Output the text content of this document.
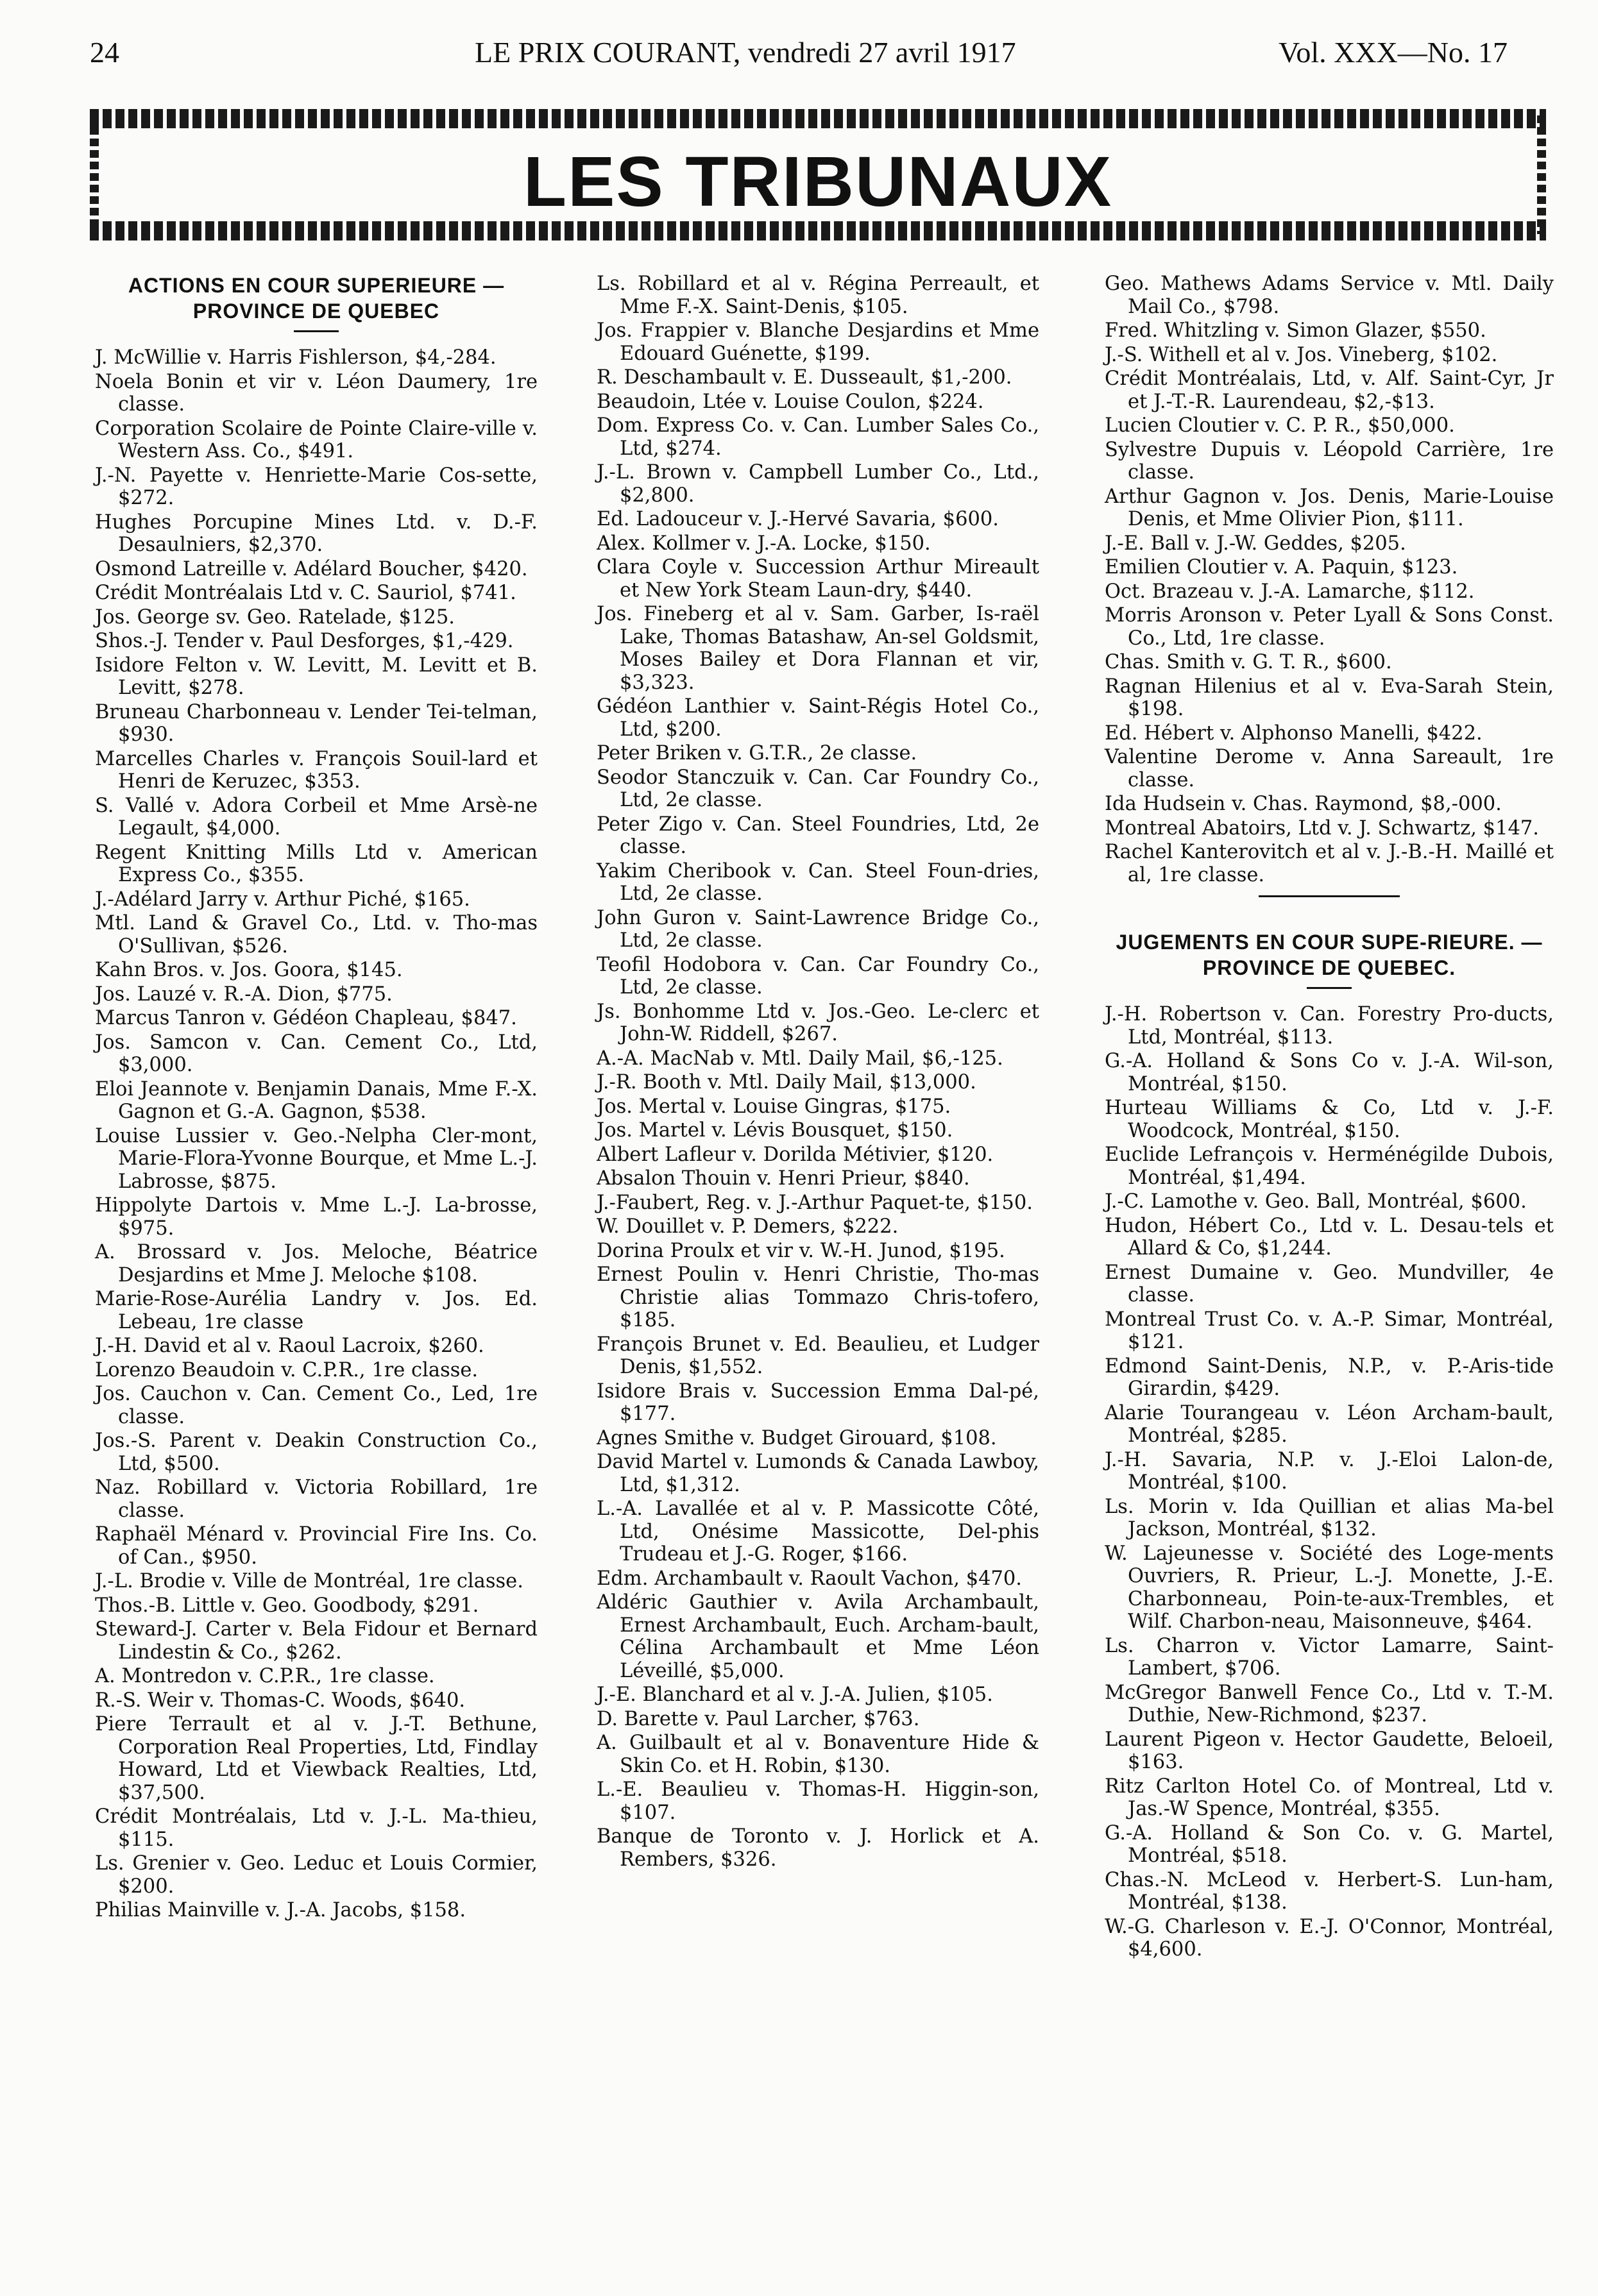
24	LE PRIX COURANT, vendredi 27 avril 1917	Vol. XXX—No. 17
LES TRIBUNAUX
ACTIONS EN COUR SUPERIEURE — PROVINCE DE QUEBEC
J. McWillie v. Harris Fishlerson, $4,-284.
Noela Bonin et vir v. Léon Daumery, 1re classe.
Corporation Scolaire de Pointe Claire-ville v. Western Ass. Co., $491.
J.-N. Payette v. Henriette-Marie Cos-sette, $272.
Hughes Porcupine Mines Ltd. v. D.-F. Desaulniers, $2,370.
Osmond Latreille v. Adélard Boucher, $420.
Crédit Montréalais Ltd v. C. Sauriol, $741.
Jos. George sv. Geo. Ratelade, $125.
Shos.-J. Tender v. Paul Desforges, $1,-429.
Isidore Felton v. W. Levitt, M. Levitt et B. Levitt, $278.
Bruneau Charbonneau v. Lender Tei-telman, $930.
Marcelles Charles v. François Souil-lard et Henri de Keruzec, $353.
S. Vallé v. Adora Corbeil et Mme Arsè-ne Legault, $4,000.
Regent Knitting Mills Ltd v. American Express Co., $355.
J.-Adélard Jarry v. Arthur Piché, $165.
Mtl. Land & Gravel Co., Ltd. v. Tho-mas O'Sullivan, $526.
Kahn Bros. v. Jos. Goora, $145.
Jos. Lauzé v. R.-A. Dion, $775.
Marcus Tanron v. Gédéon Chapleau, $847.
Jos. Samcon v. Can. Cement Co., Ltd, $3,000.
Eloi Jeannote v. Benjamin Danais, Mme F.-X. Gagnon et G.-A. Gagnon, $538.
Louise Lussier v. Geo.-Nelpha Cler-mont, Marie-Flora-Yvonne Bourque, et Mme L.-J. Labrosse, $875.
Hippolyte Dartois v. Mme L.-J. La-brosse, $975.
A. Brossard v. Jos. Meloche, Béatrice Desjardins et Mme J. Meloche $108.
Marie-Rose-Aurélia Landry v. Jos. Ed. Lebeau, 1re classe
J.-H. David et al v. Raoul Lacroix, $260.
Lorenzo Beaudoin v. C.P.R., 1re classe.
Jos. Cauchon v. Can. Cement Co., Led, 1re classe.
Jos.-S. Parent v. Deakin Construction Co., Ltd, $500.
Naz. Robillard v. Victoria Robillard, 1re classe.
Raphaël Ménard v. Provincial Fire Ins. Co. of Can., $950.
J.-L. Brodie v. Ville de Montréal, 1re classe.
Thos.-B. Little v. Geo. Goodbody, $291.
Steward-J. Carter v. Bela Fidour et Bernard Lindestin & Co., $262.
A. Montredon v. C.P.R., 1re classe.
R.-S. Weir v. Thomas-C. Woods, $640.
Piere Terrault et al v. J.-T. Bethune, Corporation Real Properties, Ltd, Findlay Howard, Ltd et Viewback Realties, Ltd, $37,500.
Crédit Montréalais, Ltd v. J.-L. Ma-thieu, $115.
Ls. Grenier v. Geo. Leduc et Louis Cormier, $200.
Philias Mainville v. J.-A. Jacobs, $158.
Ls. Robillard et al v. Régina Perreault, et Mme F.-X. Saint-Denis, $105.
Jos. Frappier v. Blanche Desjardins et Mme Edouard Guénette, $199.
R. Deschambault v. E. Dusseault, $1,-200.
Beaudoin, Ltée v. Louise Coulon, $224.
Dom. Express Co. v. Can. Lumber Sales Co., Ltd, $274.
J.-L. Brown v. Campbell Lumber Co., Ltd., $2,800.
Ed. Ladouceur v. J.-Hervé Savaria, $600.
Alex. Kollmer v. J.-A. Locke, $150.
Clara Coyle v. Succession Arthur Mireault et New York Steam Laun-dry, $440.
Jos. Fineberg et al v. Sam. Garber, Is-raël Lake, Thomas Batashaw, An-sel Goldsmit, Moses Bailey et Dora Flannan et vir, $3,323.
Gédéon Lanthier v. Saint-Régis Hotel Co., Ltd, $200.
Peter Briken v. G.T.R., 2e classe.
Seodor Stanczuik v. Can. Car Foundry Co., Ltd, 2e classe.
Peter Zigo v. Can. Steel Foundries, Ltd, 2e classe.
Yakim Cheribook v. Can. Steel Foun-dries, Ltd, 2e classe.
John Guron v. Saint-Lawrence Bridge Co., Ltd, 2e classe.
Teofil Hodobora v. Can. Car Foundry Co., Ltd, 2e classe.
Js. Bonhomme Ltd v. Jos.-Geo. Le-clerc et John-W. Riddell, $267.
A.-A. MacNab v. Mtl. Daily Mail, $6,-125.
J.-R. Booth v. Mtl. Daily Mail, $13,000.
Jos. Mertal v. Louise Gingras, $175.
Jos. Martel v. Lévis Bousquet, $150.
Albert Lafleur v. Dorilda Métivier, $120.
Absalon Thouin v. Henri Prieur, $840.
J.-Faubert, Reg. v. J.-Arthur Paquet-te, $150.
W. Douillet v. P. Demers, $222.
Dorina Proulx et vir v. W.-H. Junod, $195.
Ernest Poulin v. Henri Christie, Tho-mas Christie alias Tommazo Chris-tofero, $185.
François Brunet v. Ed. Beaulieu, et Ludger Denis, $1,552.
Isidore Brais v. Succession Emma Dal-pé, $177.
Agnes Smithe v. Budget Girouard, $108.
David Martel v. Lumonds & Canada Lawboy, Ltd, $1,312.
L.-A. Lavallée et al v. P. Massicotte Côté, Ltd, Onésime Massicotte, Del-phis Trudeau et J.-G. Roger, $166.
Edm. Archambault v. Raoult Vachon, $470.
Aldéric Gauthier v. Avila Archambault, Ernest Archambault, Euch. Archam-bault, Célina Archambault et Mme Léon Léveillé, $5,000.
J.-E. Blanchard et al v. J.-A. Julien, $105.
D. Barette v. Paul Larcher, $763.
A. Guilbault et al v. Bonaventure Hide & Skin Co. et H. Robin, $130.
L.-E. Beaulieu v. Thomas-H. Higgin-son, $107.
Banque de Toronto v. J. Horlick et A. Rembers, $326.
Geo. Mathews Adams Service v. Mtl. Daily Mail Co., $798.
Fred. Whitzling v. Simon Glazer, $550.
J.-S. Withell et al v. Jos. Vineberg, $102.
Crédit Montréalais, Ltd, v. Alf. Saint-Cyr, Jr et J.-T.-R. Laurendeau, $2,-$13.
Lucien Cloutier v. C. P. R., $50,000.
Sylvestre Dupuis v. Léopold Carrière, 1re classe.
Arthur Gagnon v. Jos. Denis, Marie-Louise Denis, et Mme Olivier Pion, $111.
J.-E. Ball v. J.-W. Geddes, $205.
Emilien Cloutier v. A. Paquin, $123.
Oct. Brazeau v. J.-A. Lamarche, $112.
Morris Aronson v. Peter Lyall & Sons Const. Co., Ltd, 1re classe.
Chas. Smith v. G. T. R., $600.
Ragnan Hilenius et al v. Eva-Sarah Stein, $198.
Ed. Hébert v. Alphonso Manelli, $422.
Valentine Derome v. Anna Sareault, 1re classe.
Ida Hudsein v. Chas. Raymond, $8,-000.
Montreal Abatoirs, Ltd v. J. Schwartz, $147.
Rachel Kanterovitch et al v. J.-B.-H. Maillé et al, 1re classe.
JUGEMENTS EN COUR SUPE-RIEURE. — PROVINCE DE QUEBEC.
J.-H. Robertson v. Can. Forestry Pro-ducts, Ltd, Montréal, $113.
G.-A. Holland & Sons Co v. J.-A. Wil-son, Montréal, $150.
Hurteau Williams & Co, Ltd v. J.-F. Woodcock, Montréal, $150.
Euclide Lefrançois v. Herménégilde Dubois, Montréal, $1,494.
J.-C. Lamothe v. Geo. Ball, Montréal, $600.
Hudon, Hébert Co., Ltd v. L. Desau-tels et Allard & Co, $1,244.
Ernest Dumaine v. Geo. Mundviller, 4e classe.
Montreal Trust Co. v. A.-P. Simar, Montréal, $121.
Edmond Saint-Denis, N.P., v. P.-Aris-tide Girardin, $429.
Alarie Tourangeau v. Léon Archam-bault, Montréal, $285.
J.-H. Savaria, N.P. v. J.-Eloi Lalon-de, Montréal, $100.
Ls. Morin v. Ida Quillian et alias Ma-bel Jackson, Montréal, $132.
W. Lajeunesse v. Société des Loge-ments Ouvriers, R. Prieur, L.-J. Monette, J.-E. Charbonneau, Poin-te-aux-Trembles, et Wilf. Charbon-neau, Maisonneuve, $464.
Ls. Charron v. Victor Lamarre, Saint-Lambert, $706.
McGregor Banwell Fence Co., Ltd v. T.-M. Duthie, New-Richmond, $237.
Laurent Pigeon v. Hector Gaudette, Beloeil, $163.
Ritz Carlton Hotel Co. of Montreal, Ltd v. Jas.-W Spence, Montréal, $355.
G.-A. Holland & Son Co. v. G. Martel, Montréal, $518.
Chas.-N. McLeod v. Herbert-S. Lun-ham, Montréal, $138.
W.-G. Charleson v. E.-J. O'Connor, Montréal, $4,600.
